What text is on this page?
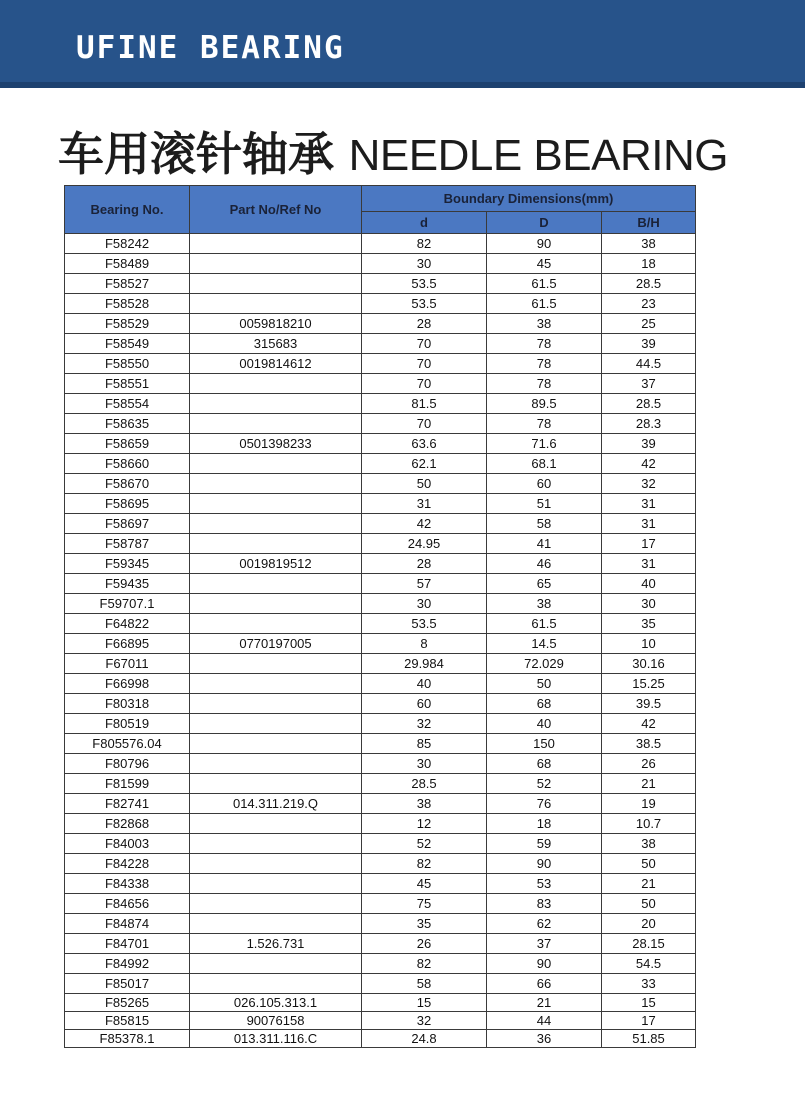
UFINE BEARING
车用滚针轴承 NEEDLE BEARING
Bearing No.	Part No/Ref No	Boundary Dimensions(mm)		
		d	D	B/H
F58242		82	90	38
F58489		30	45	18
F58527		53.5	61.5	28.5
F58528		53.5	61.5	23
F58529	0059818210	28	38	25
F58549	315683	70	78	39
F58550	0019814612	70	78	44.5
F58551		70	78	37
F58554		81.5	89.5	28.5
F58635		70	78	28.3
F58659	0501398233	63.6	71.6	39
F58660		62.1	68.1	42
F58670		50	60	32
F58695		31	51	31
F58697		42	58	31
F58787		24.95	41	17
F59345	0019819512	28	46	31
F59435		57	65	40
F59707.1		30	38	30
F64822		53.5	61.5	35
F66895	0770197005	8	14.5	10
F67011		29.984	72.029	30.16
F66998		40	50	15.25
F80318		60	68	39.5
F80519		32	40	42
F805576.04		85	150	38.5
F80796		30	68	26
F81599		28.5	52	21
F82741	014.311.219.Q	38	76	19
F82868		12	18	10.7
F84003		52	59	38
F84228		82	90	50
F84338		45	53	21
F84656		75	83	50
F84874		35	62	20
F84701	1.526.731	26	37	28.15
F84992		82	90	54.5
F85017		58	66	33
F85265	026.105.313.1	15	21	15
F85815	90076158	32	44	17
F85378.1	013.311.116.C	24.8	36	51.85
